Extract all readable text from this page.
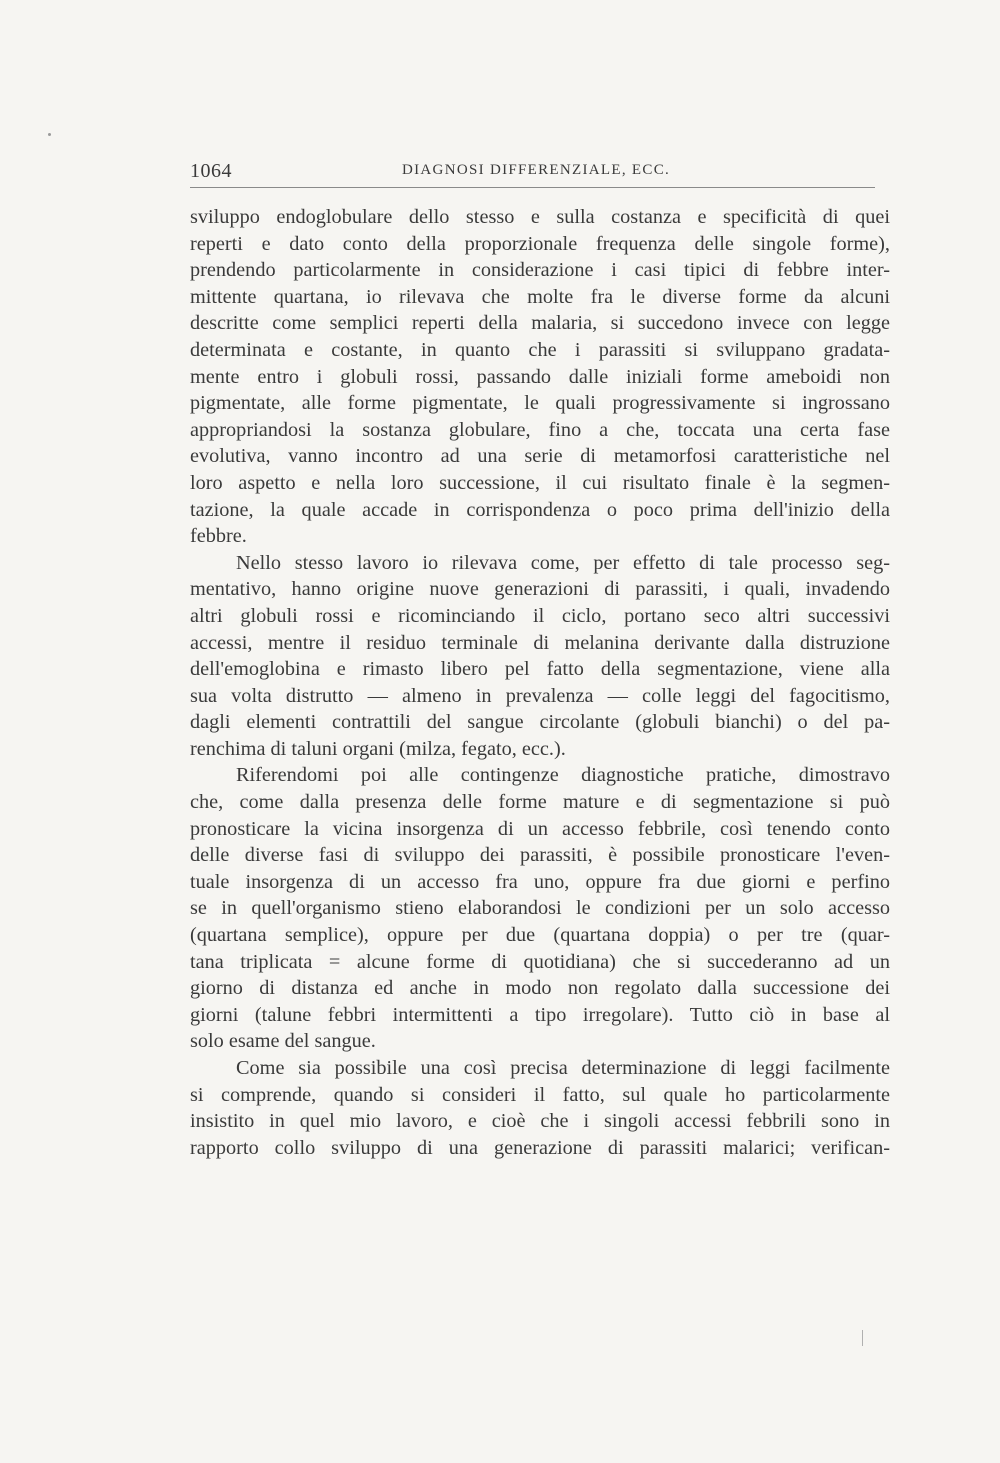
1064	DIAGNOSI DIFFERENZIALE, ECC.

sviluppo endoglobulare dello stesso e sulla costanza e specificità di quei
reperti e dato conto della proporzionale frequenza delle singole forme),
prendendo particolarmente in considerazione i casi tipici di febbre inter-
mittente quartana, io rilevava che molte fra le diverse forme da alcuni
descritte come semplici reperti della malaria, si succedono invece con legge
determinata e costante, in quanto che i parassiti si sviluppano gradata-
mente entro i globuli rossi, passando dalle iniziali forme ameboidi non
pigmentate, alle forme pigmentate, le quali progressivamente si ingrossano
appropriandosi la sostanza globulare, fino a che, toccata una certa fase
evolutiva, vanno incontro ad una serie di metamorfosi caratteristiche nel
loro aspetto e nella loro successione, il cui risultato finale è la segmen-
tazione, la quale accade in corrispondenza o poco prima dell'inizio della
febbre.

Nello stesso lavoro io rilevava come, per effetto di tale processo seg-
mentativo, hanno origine nuove generazioni di parassiti, i quali, invadendo
altri globuli rossi e ricominciando il ciclo, portano seco altri successivi
accessi, mentre il residuo terminale di melanina derivante dalla distruzione
dell'emoglobina e rimasto libero pel fatto della segmentazione, viene alla
sua volta distrutto — almeno in prevalenza — colle leggi del fagocitismo,
dagli elementi contrattili del sangue circolante (globuli bianchi) o del pa-
renchima di taluni organi (milza, fegato, ecc.).

Riferendomi poi alle contingenze diagnostiche pratiche, dimostravo
che, come dalla presenza delle forme mature e di segmentazione si può
pronosticare la vicina insorgenza di un accesso febbrile, così tenendo conto
delle diverse fasi di sviluppo dei parassiti, è possibile pronosticare l'even-
tuale insorgenza di un accesso fra uno, oppure fra due giorni e perfino
se in quell'organismo stieno elaborandosi le condizioni per un solo accesso
(quartana semplice), oppure per due (quartana doppia) o per tre (quar-
tana triplicata = alcune forme di quotidiana) che si succederanno ad un
giorno di distanza ed anche in modo non regolato dalla successione dei
giorni (talune febbri intermittenti a tipo irregolare). Tutto ciò in base al
solo esame del sangue.

Come sia possibile una così precisa determinazione di leggi facilmente
si comprende, quando si consideri il fatto, sul quale ho particolarmente
insistito in quel mio lavoro, e cioè che i singoli accessi febbrili sono in
rapporto collo sviluppo di una generazione di parassiti malarici; verifican-
